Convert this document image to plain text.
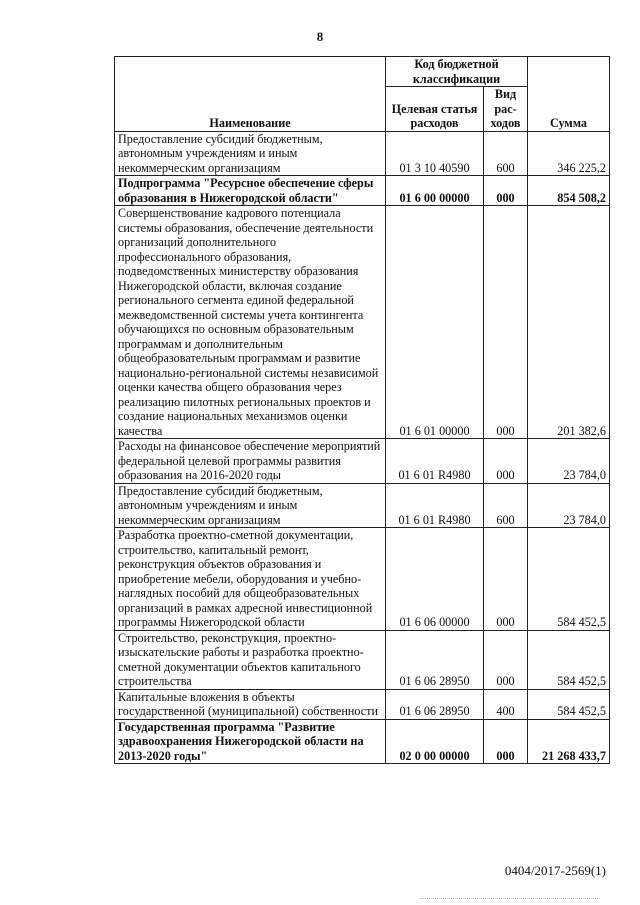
8
Наименование	Код бюджетной классификации		Сумма
	Целевая статья расходов	Вид рас-ходов	
Предоставление субсидий бюджетным, автономным учреждениям и иным некоммерческим организациям	01 3 10 40590	600	346 225,2
Подпрограмма "Ресурсное обеспечение сферы образования в Нижегородской области"	01 6 00 00000	000	854 508,2
Совершенствование кадрового потенциала системы образования, обеспечение деятельности организаций дополнительного профессионального образования, подведомственных министерству образования Нижегородской области, включая создание регионального сегмента единой федеральной межведомственной системы учета контингента обучающихся по основным образовательным программам и дополнительным общеобразовательным программам и развитие национально-региональной системы независимой оценки качества общего образования через реализацию пилотных региональных проектов и создание национальных механизмов оценки качества	01 6 01 00000	000	201 382,6
Расходы на финансовое обеспечение мероприятий федеральной целевой программы развития образования на 2016-2020 годы	01 6 01 R4980	000	23 784,0
Предоставление субсидий бюджетным, автономным учреждениям и иным некоммерческим организациям	01 6 01 R4980	600	23 784,0
Разработка проектно-сметной документации, строительство, капитальный ремонт, реконструкция объектов образования и приобретение мебели, оборудования и учебно-наглядных пособий для общеобразовательных организаций в рамках адресной инвестиционной программы Нижегородской области	01 6 06 00000	000	584 452,5
Строительство, реконструкция, проектно-изыскательские работы и разработка проектно-сметной документации объектов капитального строительства	01 6 06 28950	000	584 452,5
Капитальные вложения в объекты государственной (муниципальной) собственности	01 6 06 28950	400	584 452,5
Государственная программа "Развитие здравоохранения Нижегородской области на 2013-2020 годы"	02 0 00 00000	000	21 268 433,7
0404/2017-2569(1)
